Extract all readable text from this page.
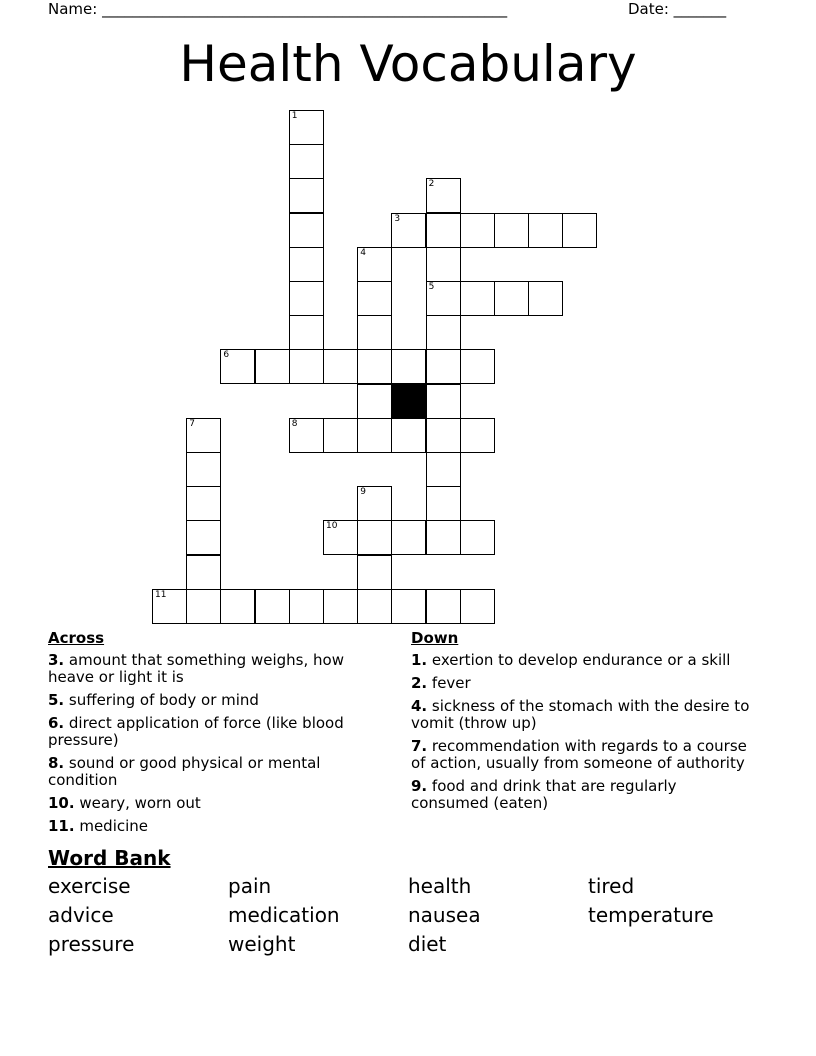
Name: ______________________________________________________	Date: _______
Health Vocabulary
3
5
6
8
10
11
1
2
4
7
9
Across
3. amount that something weighs, how heave or light it is
5. suffering of body or mind
6. direct application of force (like blood pressure)
8. sound or good physical or mental condition
10. weary, worn out
11. medicine
Down
1. exertion to develop endurance or a skill
2. fever
4. sickness of the stomach with the desire to vomit (throw up)
7. recommendation with regards to a course of action, usually from someone of authority
9. food and drink that are regularly consumed (eaten)
Word Bank
exercise	pain	health	tired
advice	medication	nausea	temperature
pressure	weight	diet
